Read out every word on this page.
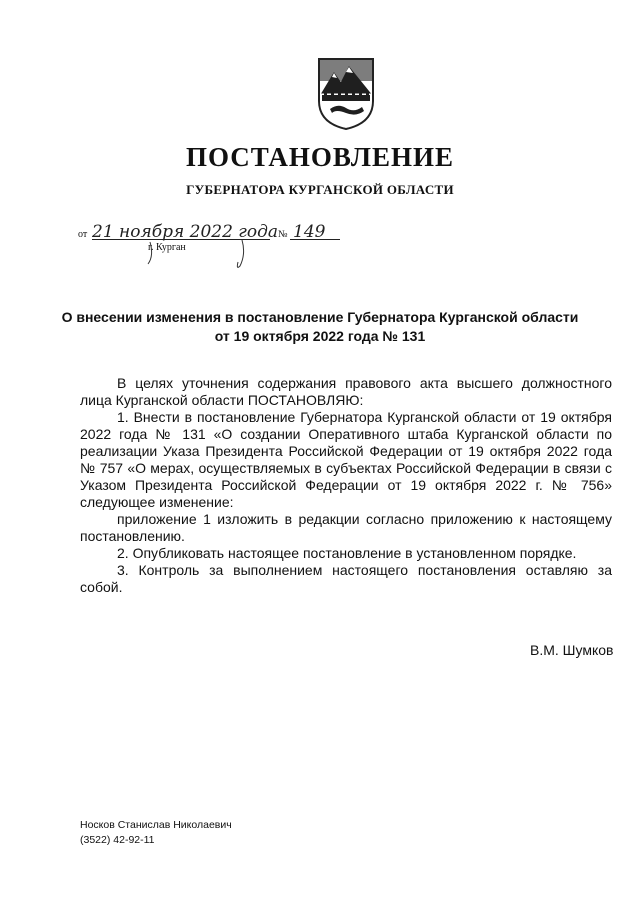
ПОСТАНОВЛЕНИЕ
ГУБЕРНАТОРА КУРГАНСКОЙ ОБЛАСТИ
от 21 ноября 2022 года № 149
г. Курган
О внесении изменения в постановление Губернатора Курганской области
от 19 октября 2022 года № 131

В целях уточнения содержания правового акта высшего должностного лица Курганской области ПОСТАНОВЛЯЮ:

1. Внести в постановление Губернатора Курганской области от 19 октября 2022 года № 131 «О создании Оперативного штаба Курганской области по реализации Указа Президента Российской Федерации от 19 октября 2022 года № 757 «О мерах, осуществляемых в субъектах Российской Федерации в связи с Указом Президента Российской Федерации от 19 октября 2022 г. № 756» следующее изменение:

приложение 1 изложить в редакции согласно приложению к настоящему постановлению.

2. Опубликовать настоящее постановление в установленном порядке.

3. Контроль за выполнением настоящего постановления оставляю за собой.

В.М. Шумков
Носков Станислав Николаевич
(3522) 42-92-11
